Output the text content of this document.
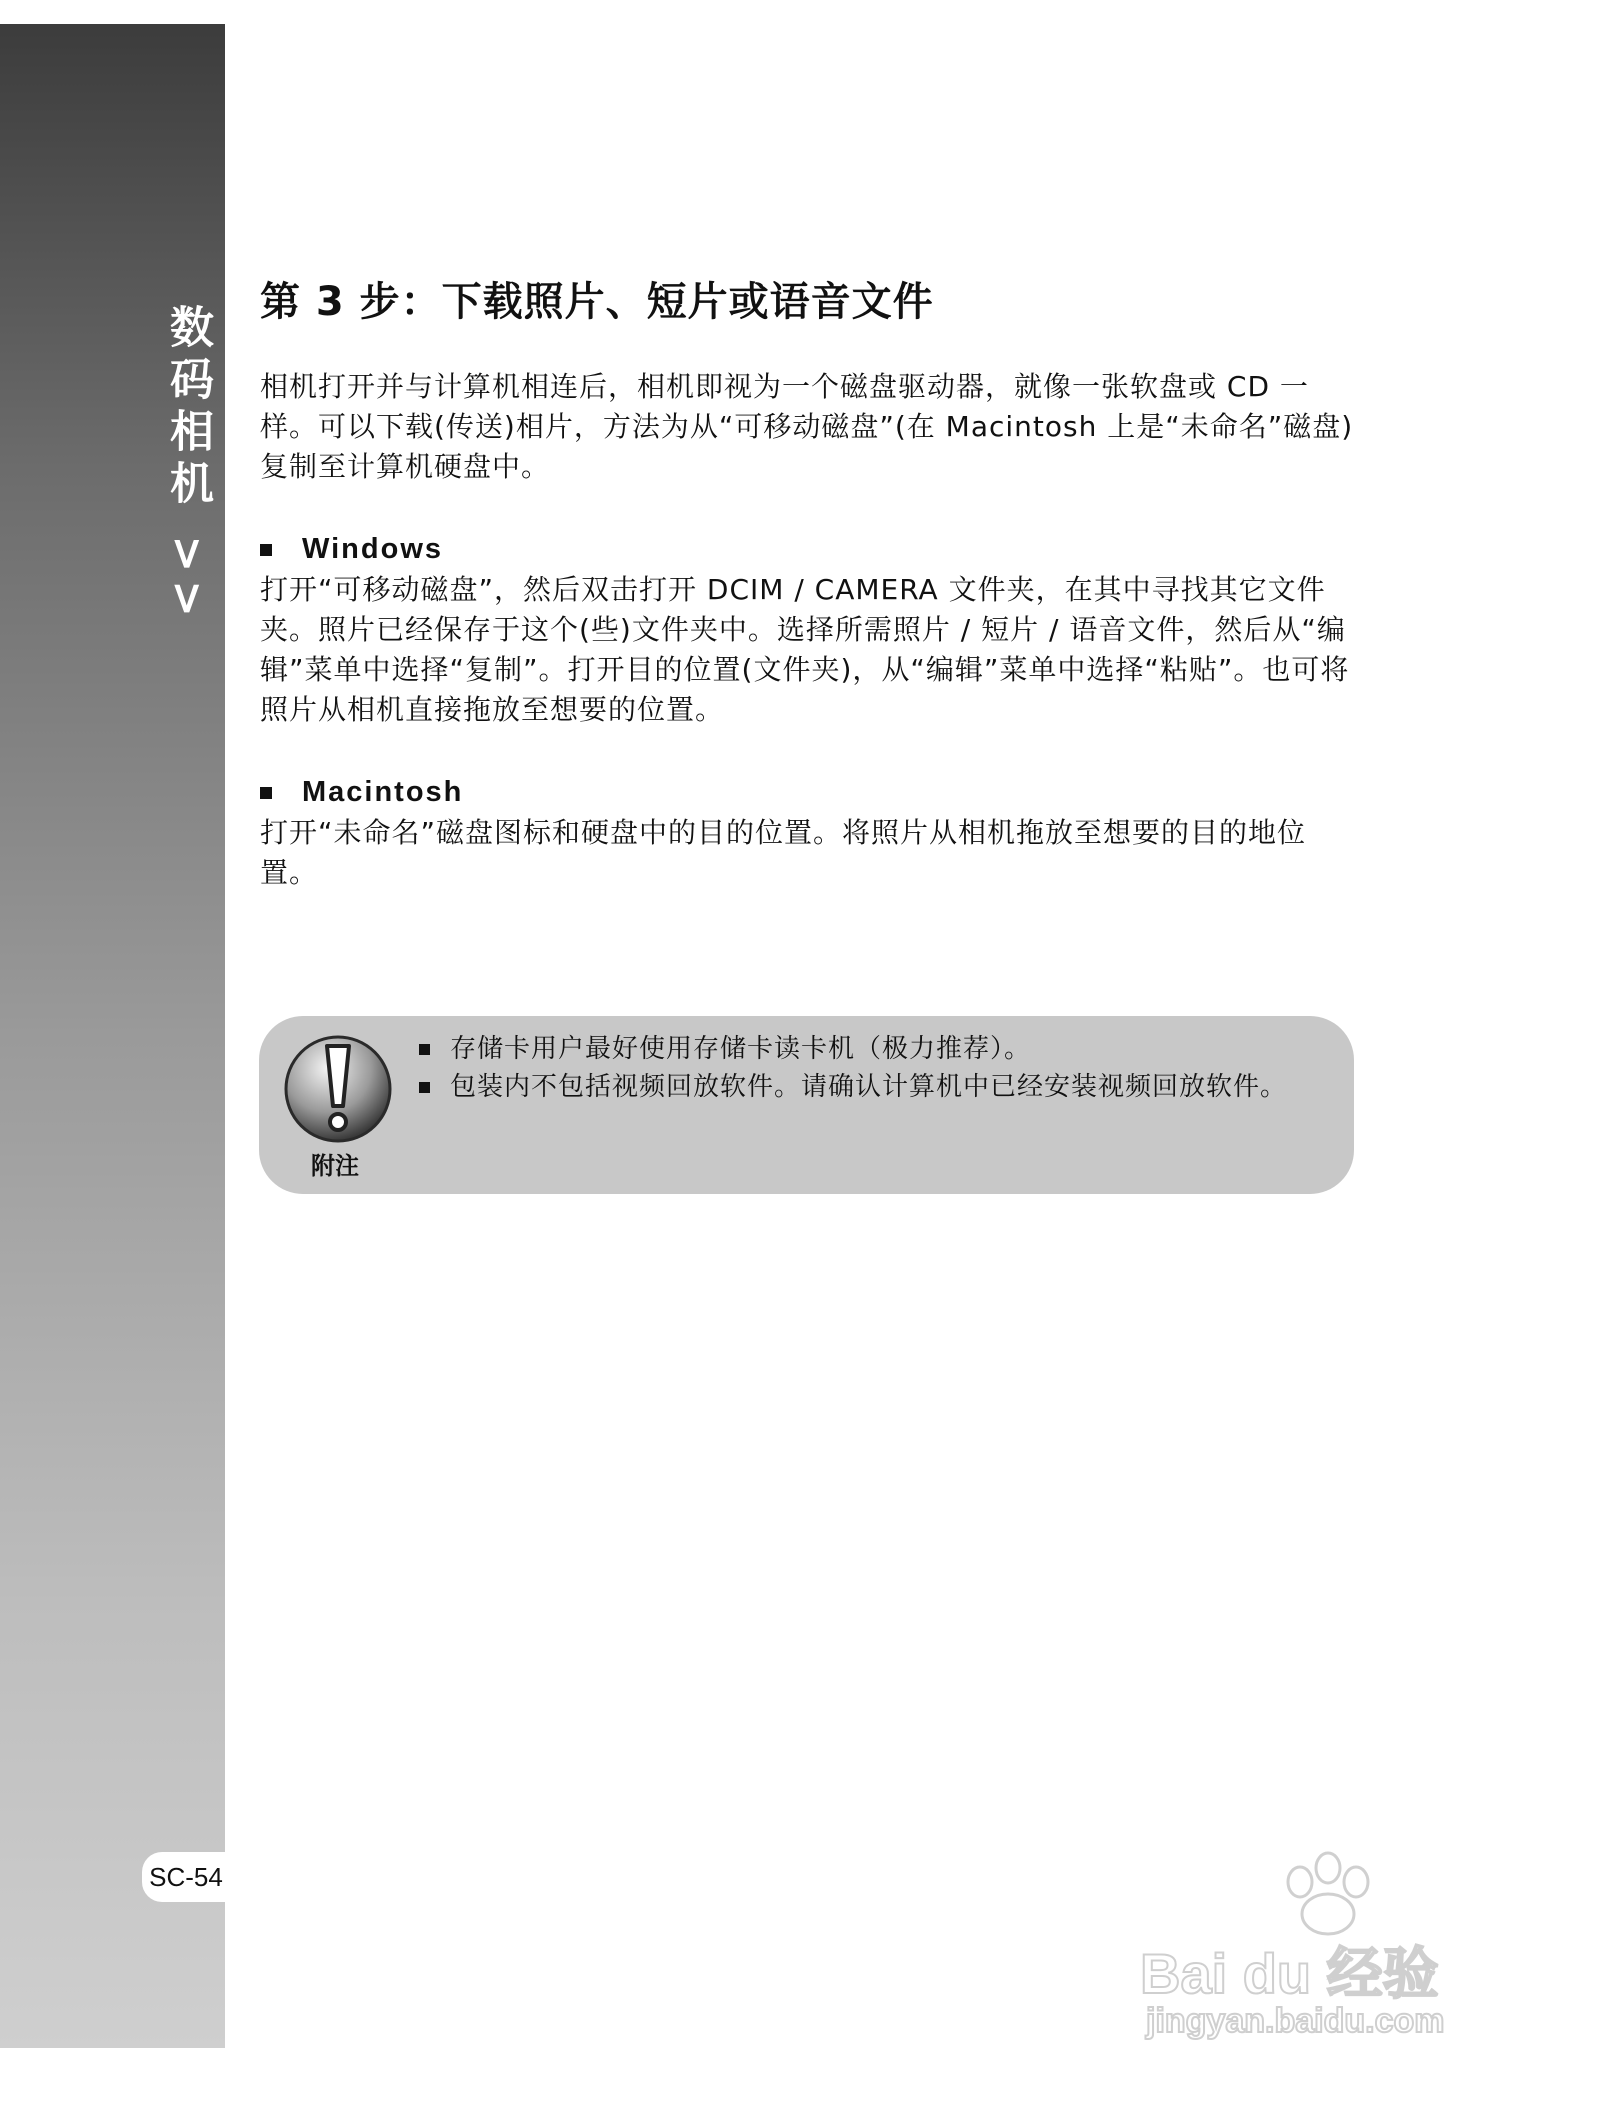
数码相机 >>
SC-54
第 3 步：下载照片、短片或语音文件

相机打开并与计算机相连后，相机即视为一个磁盘驱动器，就像一张软盘或 CD 一样。可以下载(传送)相片，方法为从“可移动磁盘”(在 Macintosh 上是“未命名”磁盘)复制至计算机硬盘中。

Windows

打开“可移动磁盘”，然后双击打开 DCIM / CAMERA 文件夹，在其中寻找其它文件夹。照片已经保存于这个(些)文件夹中。选择所需照片 / 短片 / 语音文件，然后从“编辑”菜单中选择“复制”。打开目的位置(文件夹)，从“编辑”菜单中选择“粘贴”。也可将照片从相机直接拖放至想要的位置。

Macintosh

打开“未命名”磁盘图标和硬盘中的目的位置。将照片从相机拖放至想要的目的地位置。

附注
存储卡用户最好使用存储卡读卡机（极力推荐）。
包装内不包括视频回放软件。请确认计算机中已经安装视频回放软件。
Bai du 经验
jingyan.baidu.com
